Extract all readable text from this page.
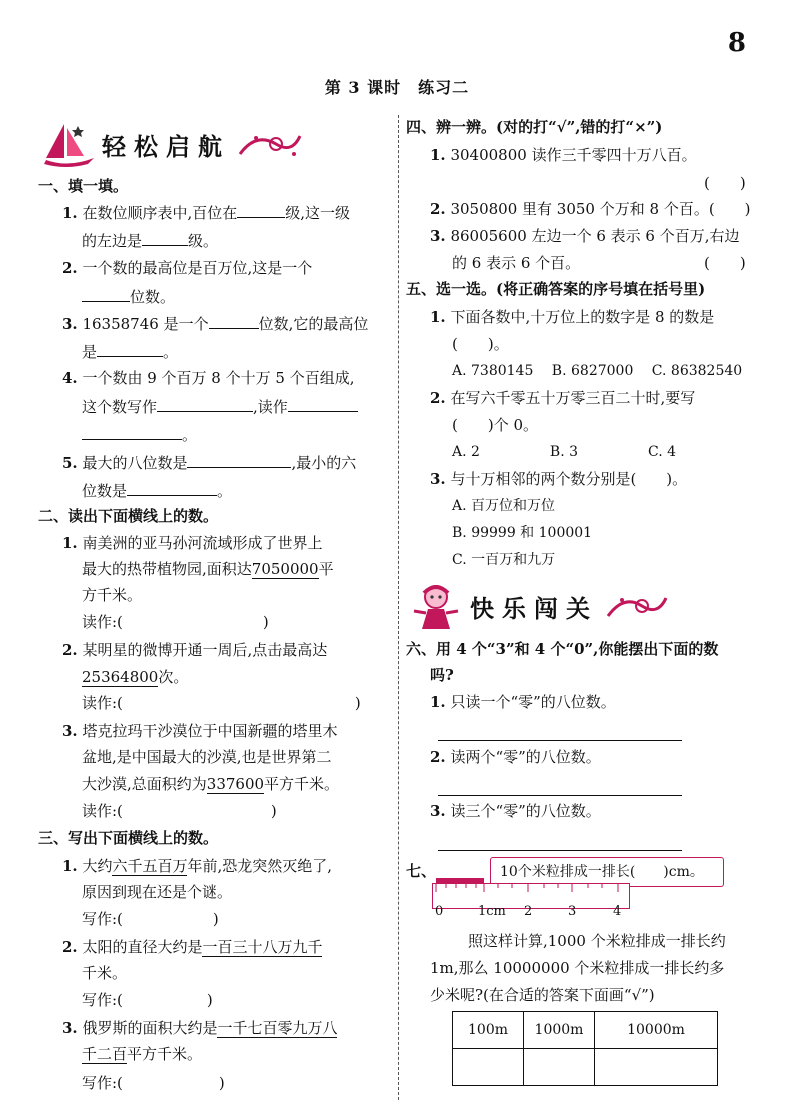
8
第 3 课时　练习二
轻松启航
一、填一填。
1. 在数位顺序表中,百位在	级,这一级
的左边是	级。
2. 一个数的最高位是百万位,这是一个
位数。
3. 16358746 是一个	位数,它的最高位
是	。
4. 一个数由 9 个百万 8 个十万 5 个百组成,
这个数写作	,读作
。
5. 最大的八位数是	,最小的六
位数是	。
二、读出下面横线上的数。
1. 南美洲的亚马孙河流域形成了世界上
最大的热带植物园,面积达7050000平
方千米。
读作:(	)
2. 某明星的微博开通一周后,点击最高达
25364800次。
读作:(	)
3. 塔克拉玛干沙漠位于中国新疆的塔里木
盆地,是中国最大的沙漠,也是世界第二
大沙漠,总面积约为337600平方千米。
读作:(	)
三、写出下面横线上的数。
1. 大约六千五百万年前,恐龙突然灭绝了,
原因到现在还是个谜。
写作:(	)
2. 太阳的直径大约是一百三十八万九千
千米。
写作:(	)
3. 俄罗斯的面积大约是一千七百零九万八
千二百平方千米。
写作:(	)
四、辨一辨。(对的打“√”,错的打“×”)
1. 30400800 读作三千零四十万八百。
(　　)
2. 3050800 里有 3050 个万和 8 个百。(　　)
3. 86005600 左边一个 6 表示 6 个百万,右边
的 6 表示 6 个百。	(　　)
五、选一选。(将正确答案的序号填在括号里)
1. 下面各数中,十万位上的数字是 8 的数是
(　　)。
A. 7380145　 B. 6827000　 C. 86382540
2. 在写六千零五十万零三百二十时,要写
(　　)个 0。
A. 2　　　　　B. 3　　　　　C. 4
3. 与十万相邻的两个数分别是(　　)。
A. 百万位和万位
B. 99999 和 100001
C. 一百万和九万
快乐闯关
六、用 4 个“3”和 4 个“0”,你能摆出下面的数
吗?
1. 只读一个“零”的八位数。
2. 读两个“零”的八位数。
3. 读三个“零”的八位数。
七、	10个米粒排成一排长(　　)cm。
0	1cm 2	3	4
照这样计算,1000 个米粒排成一排长约
1m,那么 10000000 个米粒排成一排长约多
少米呢?(在合适的答案下面画“√”)
100m	1000m	10000m
